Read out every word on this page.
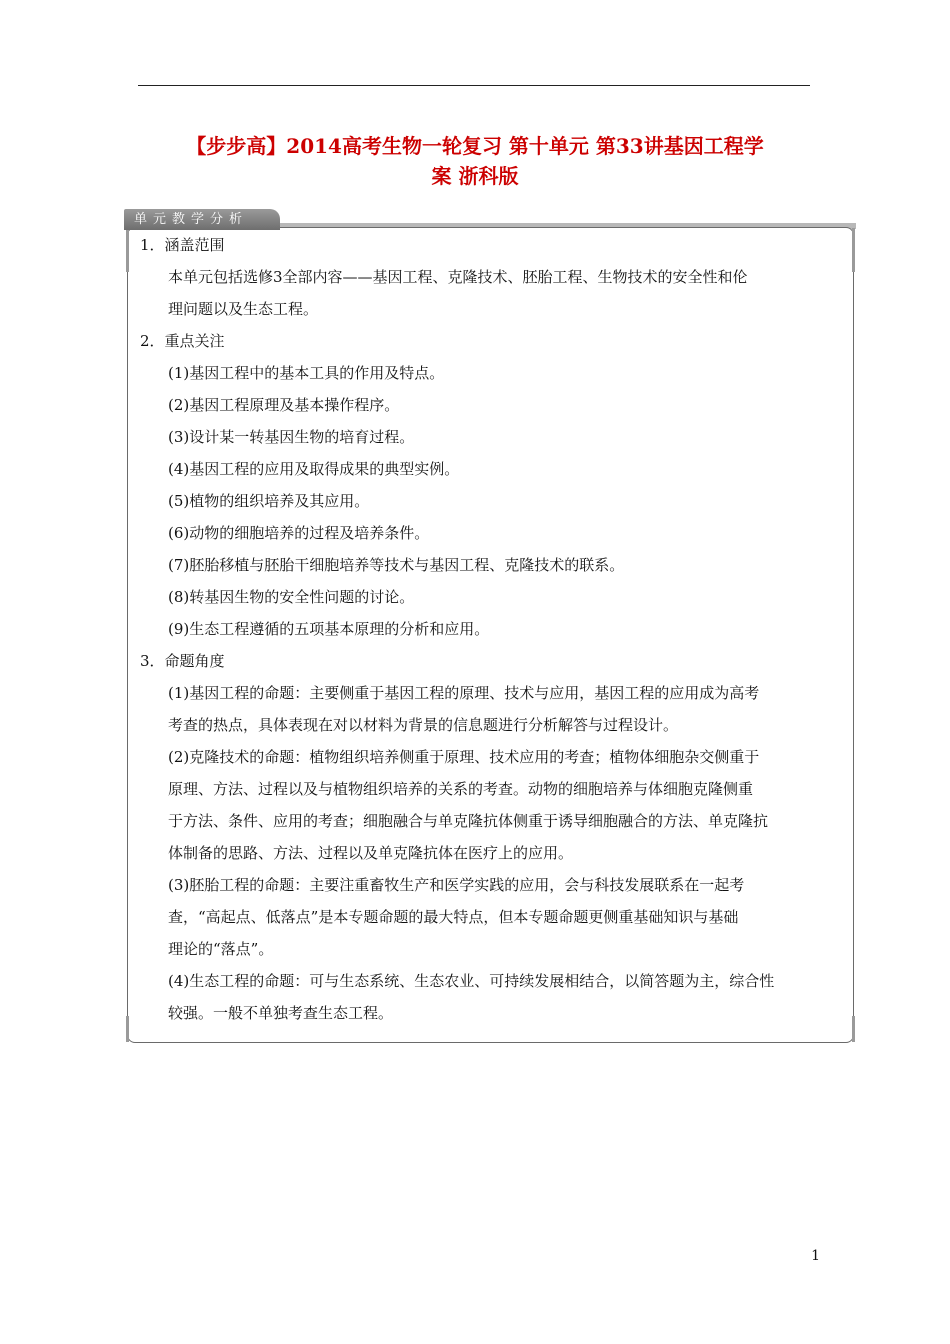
【步步高】2014高考生物一轮复习 第十单元 第33讲基因工程学
案 浙科版
单元教学分析

1．涵盖范围

本单元包括选修3全部内容——基因工程、克隆技术、胚胎工程、生物技术的安全性和伦

理问题以及生态工程。

2．重点关注

(1)基因工程中的基本工具的作用及特点。

(2)基因工程原理及基本操作程序。

(3)设计某一转基因生物的培育过程。

(4)基因工程的应用及取得成果的典型实例。

(5)植物的组织培养及其应用。

(6)动物的细胞培养的过程及培养条件。

(7)胚胎移植与胚胎干细胞培养等技术与基因工程、克隆技术的联系。

(8)转基因生物的安全性问题的讨论。

(9)生态工程遵循的五项基本原理的分析和应用。

3．命题角度

(1)基因工程的命题：主要侧重于基因工程的原理、技术与应用，基因工程的应用成为高考

考查的热点，具体表现在对以材料为背景的信息题进行分析解答与过程设计。

(2)克隆技术的命题：植物组织培养侧重于原理、技术应用的考查；植物体细胞杂交侧重于

原理、方法、过程以及与植物组织培养的关系的考查。动物的细胞培养与体细胞克隆侧重

于方法、条件、应用的考查；细胞融合与单克隆抗体侧重于诱导细胞融合的方法、单克隆抗

体制备的思路、方法、过程以及单克隆抗体在医疗上的应用。

(3)胚胎工程的命题：主要注重畜牧生产和医学实践的应用，会与科技发展联系在一起考

查，“高起点、低落点”是本专题命题的最大特点，但本专题命题更侧重基础知识与基础

理论的“落点”。

(4)生态工程的命题：可与生态系统、生态农业、可持续发展相结合，以简答题为主，综合性

较强。一般不单独考查生态工程。

1
